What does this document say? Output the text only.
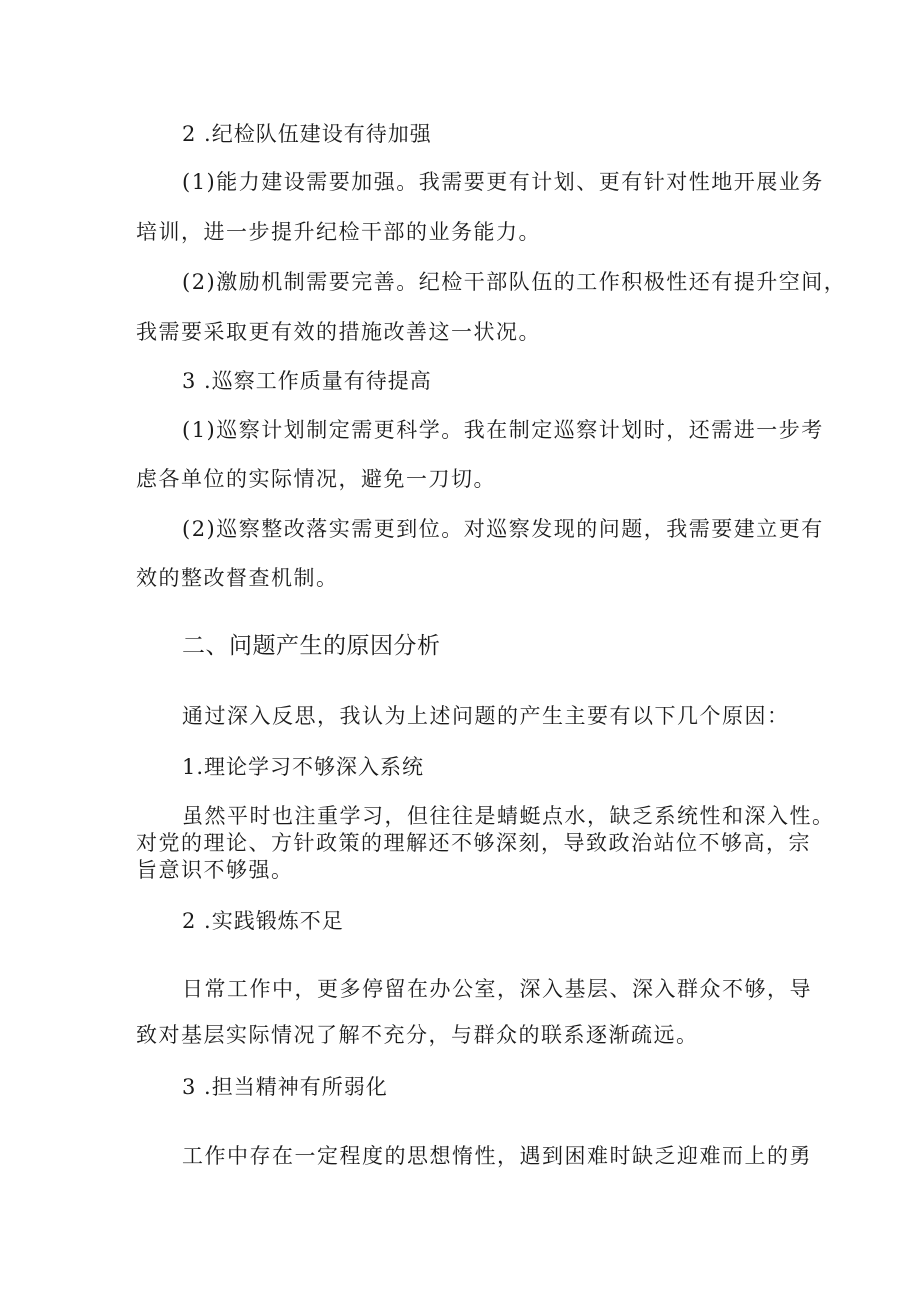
2 .纪检队伍建设有待加强
(1)能力建设需要加强。我需要更有计划、更有针对性地开展业务
培训，进一步提升纪检干部的业务能力。
(2)激励机制需要完善。纪检干部队伍的工作积极性还有提升空间，
我需要采取更有效的措施改善这一状况。
3 .巡察工作质量有待提高
(1)巡察计划制定需更科学。我在制定巡察计划时，还需进一步考
虑各单位的实际情况，避免一刀切。
(2)巡察整改落实需更到位。对巡察发现的问题，我需要建立更有
效的整改督查机制。
二、问题产生的原因分析
通过深入反思，我认为上述问题的产生主要有以下几个原因：
1.理论学习不够深入系统
虽然平时也注重学习，但往往是蜻蜓点水，缺乏系统性和深入性。
对党的理论、方针政策的理解还不够深刻，导致政治站位不够高，宗
旨意识不够强。
2 .实践锻炼不足
日常工作中，更多停留在办公室，深入基层、深入群众不够，导
致对基层实际情况了解不充分，与群众的联系逐渐疏远。
3 .担当精神有所弱化
工作中存在一定程度的思想惰性，遇到困难时缺乏迎难而上的勇
